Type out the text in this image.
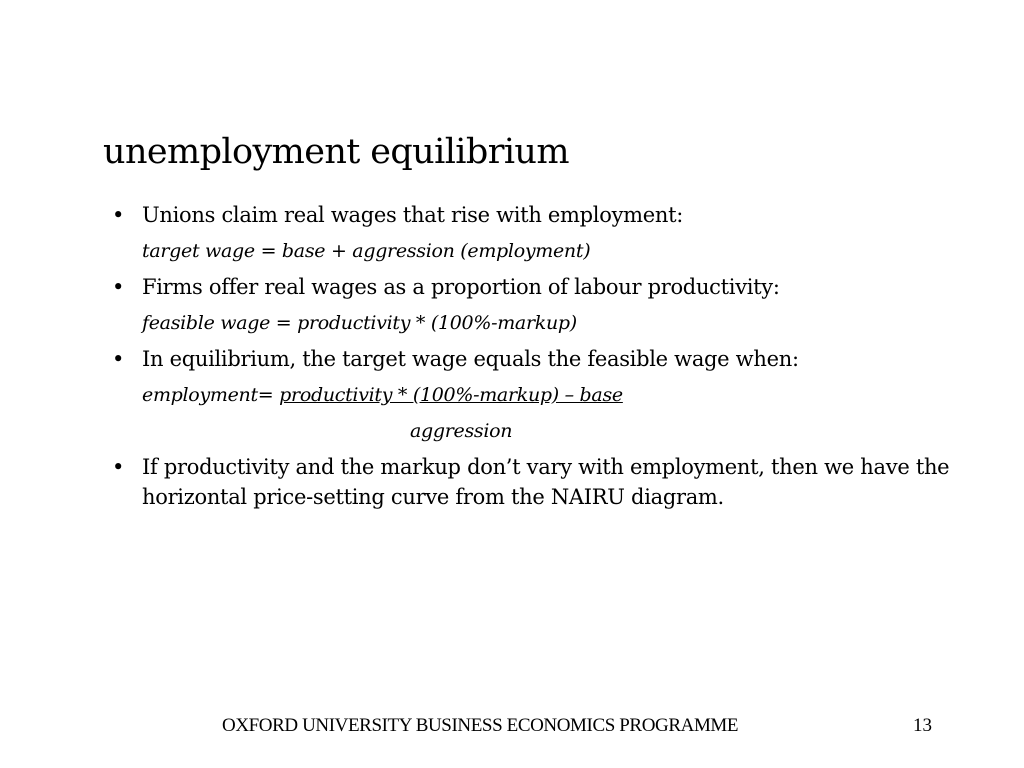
unemployment equilibrium
• Unions claim real wages that rise with employment:
target wage = base + aggression (employment)
• Firms offer real wages as a proportion of labour productivity:
feasible wage = productivity * (100%-markup)
• In equilibrium, the target wage equals the feasible wage when:
employment= productivity * (100%-markup) – base
aggression
• If productivity and the markup don’t vary with employment, then we have the horizontal price-setting curve from the NAIRU diagram.
OXFORD UNIVERSITY BUSINESS ECONOMICS PROGRAMME	13
